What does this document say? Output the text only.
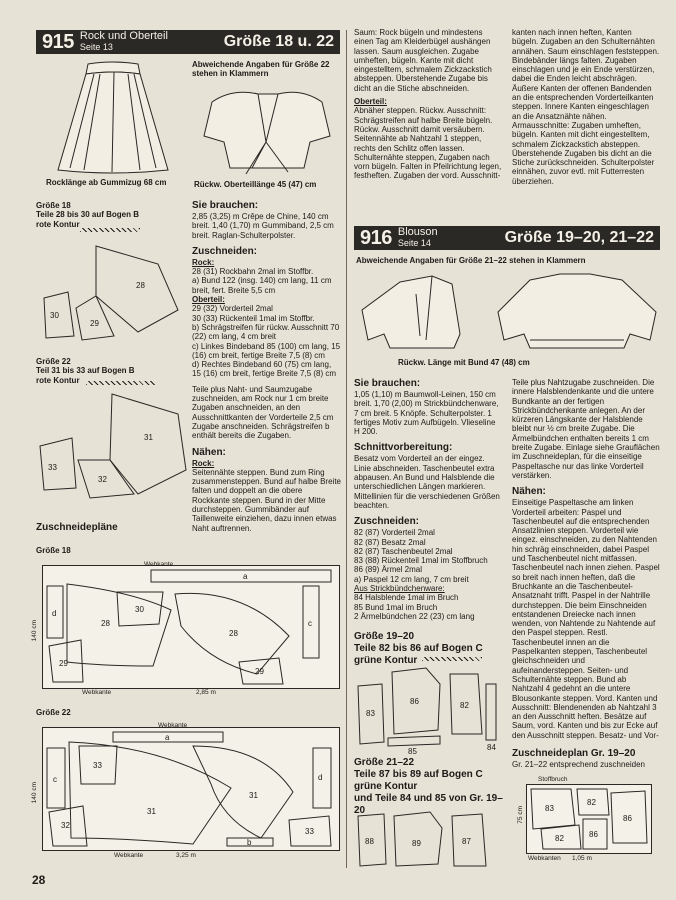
915 Rock und Oberteil
Seite 13	Größe 18 u. 22
Rocklänge ab Gummizug 68 cm
Abweichende Angaben für Größe 22 stehen in Klammern
Rückw. Oberteillänge 45 (47) cm

Größe 18

Teile 28 bis 30 auf Bogen B

rote Kontur

28
30
29

Größe 22

Teil 31 bis 33 auf Bogen B

rote Kontur

31
33
32
Zuschneidepläne
Größe 18
a
d
28
30
28
29
29
c
Webkante
140 cm
Webkante	2,85 m
Größe 22
a
c
31
33
31
32
33
d
b
Webkante
140 cm
Webkante	3,25 m
28

Sie brauchen:

2,85 (3,25) m Crêpe de Chine, 140 cm breit. 1,40 (1,70) m Gummiband, 2,5 cm breit. Raglan-Schulterpolster.

Zuschneiden:

Rock:

28 (31) Rockbahn 2mal im Stoffbr.

a) Bund 122 (insg. 140) cm lang, 11 cm breit, fert. Breite 5,5 cm

Oberteil:

29 (32) Vorderteil 2mal

30 (33) Rückenteil 1mal im Stoffbr.

b) Schrägstreifen für rückw. Ausschnitt 70 (22) cm lang, 4 cm breit

c) Linkes Bindeband 85 (100) cm lang, 15 (16) cm breit, fertige Breite 7,5 (8) cm

d) Rechtes Bindeband 60 (75) cm lang, 15 (16) cm breit, fertige Breite 7,5 (8) cm

Teile plus Naht- und Saumzugabe zuschneiden, am Rock nur 1 cm breite Zugaben anschneiden, an den Ausschnittkanten der Vorderteile 2,5 cm Zugabe anschneiden. Schrägstreifen b enthält bereits die Zugaben.

Nähen:

Rock:

Seitennähte steppen. Bund zum Ring zusammensteppen. Bund auf halbe Breite falten und doppelt an die obere Rockkante steppen. Bund in der Mitte durchsteppen. Gummibänder auf Taillenweite einziehen, dazu innen etwas Naht auftrennen.

Saum: Rock bügeln und mindestens einen Tag am Kleiderbügel aushängen lassen. Saum ausgleichen. Zugabe umheften, bügeln. Kante mit dicht eingestelltem, schmalem Zickzackstich absteppen. Überstehende Zugabe bis dicht an die Stiche abschneiden.

Oberteil:

Abnäher steppen. Rückw. Ausschnitt: Schrägstreifen auf halbe Breite bügeln. Rückw. Ausschnitt damit versäubern. Seitennähte ab Nahtzahl 1 steppen, rechts den Schlitz offen lassen. Schulternähte steppen, Zugaben nach vorn bügeln. Falten in Pfeilrichtung legen, festheften. Zugaben der vord. Ausschnitt-

kanten nach innen heften, Kanten bügeln. Zugaben an den Schulternähten annähen. Saum einschlagen feststeppen. Bindebänder längs falten. Zugaben einschlagen und je ein Ende verstürzen, dabei die Enden leicht abschrägen. Äußere Kanten der offenen Bandenden an die entsprechenden Vorderteilkanten steppen. Innere Kanten eingeschlagen an die Ansatznähte nähen. Armausschnitte: Zugaben umheften, bügeln. Kanten mit dicht eingestelltem, schmalem Zickzackstich absteppen. Überstehende Zugaben bis dicht an die Stiche zurückschneiden. Schulterpolster einnähen, zuvor evtl. mit Futterresten überziehen.

916 Blouson
Seite 14	Größe 19–20, 21–22
Abweichende Angaben für Größe 21–22 stehen in Klammern
Rückw. Länge mit Bund 47 (48) cm

Sie brauchen:

1,05 (1,10) m Baumwoll-Leinen, 150 cm breit. 1,70 (2,00) m Strickbündchenware, 7 cm breit. 5 Knöpfe. Schulterpolster. 1 fertiges Motiv zum Aufbügeln. Vlieseline H 200.

Schnittvorbereitung:

Besatz vom Vorderteil an der eingez. Linie abschneiden. Taschenbeutel extra abpausen. An Bund und Halsblende die unterschiedlichen Längen markieren. Mittellinien für die verschiedenen Größen beachten.

Zuschneiden:

82 (87) Vorderteil 2mal

82 (87) Besatz 2mal

82 (87) Taschenbeutel 2mal

83 (88) Rückenteil 1mal im Stoffbruch

86 (89) Ärmel 2mal

a) Paspel 12 cm lang, 7 cm breit

Aus Strickbündchenware:

84 Halsblende 1mal im Bruch

85 Bund 1mal im Bruch

2 Ärmelbündchen 22 (23) cm lang

Größe 19–20

Teile 82 bis 86 auf Bogen C

grüne Kontur

86
83
82
85	84

Größe 21–22

Teile 87 bis 89 auf Bogen C

grüne Kontur

und Teile 84 und 85 von Gr. 19–20

88	89	87

Teile plus Nahtzugabe zuschneiden. Die innere Halsblendenkante und die untere Bundkante an der fertigen Strickbündchenkante anlegen. An der kürzeren Längskante der Halsblende bleibt nur ½ cm breite Zugabe. Die Ärmelbündchen enthalten bereits 1 cm breite Zugabe. Einlage siehe Grauflächen im Zuschneideplan, für die einseitige Paspeltasche nur das linke Vorderteil verstärken.

Nähen:

Einseitige Paspeltasche am linken Vorderteil arbeiten: Paspel und Taschenbeutel auf die entsprechenden Ansatzlinien steppen. Vorderteil wie eingez. einschneiden, zu den Nahtenden hin schräg einschneiden, dabei Paspel und Taschenbeutel nicht mitfassen. Taschenbeutel nach innen ziehen. Paspel so breit nach innen heften, daß die Bruchkante an die Taschenbeutel-Ansatznaht trifft. Paspel in der Nahtrille durchsteppen. Die beim Einschneiden entstandenen Dreiecke nach innen wenden, von Nahtende zu Nahtende auf den Paspel steppen. Restl. Taschenbeutel innen an die Paspelkanten steppen, Taschenbeutel gleichschneiden und aufeinandersteppen. Seiten- und Schulternähte steppen. Bund ab Nahtzahl 4 gedehnt an die untere Blousonkante steppen. Vord. Kanten und Ausschnitt: Blendenenden ab Nahtzahl 3 an den Ausschnitt heften. Besätze auf Saum, vord. Kanten und bis zur Ecke auf den Ausschnitt steppen. Besatz- und Vor-

Zuschneideplan Gr. 19–20

Gr. 21–22 entsprechend zuschneiden

Stoffbruch
83
82
86
82	86
75 cm
Webkanten 1,05 m
